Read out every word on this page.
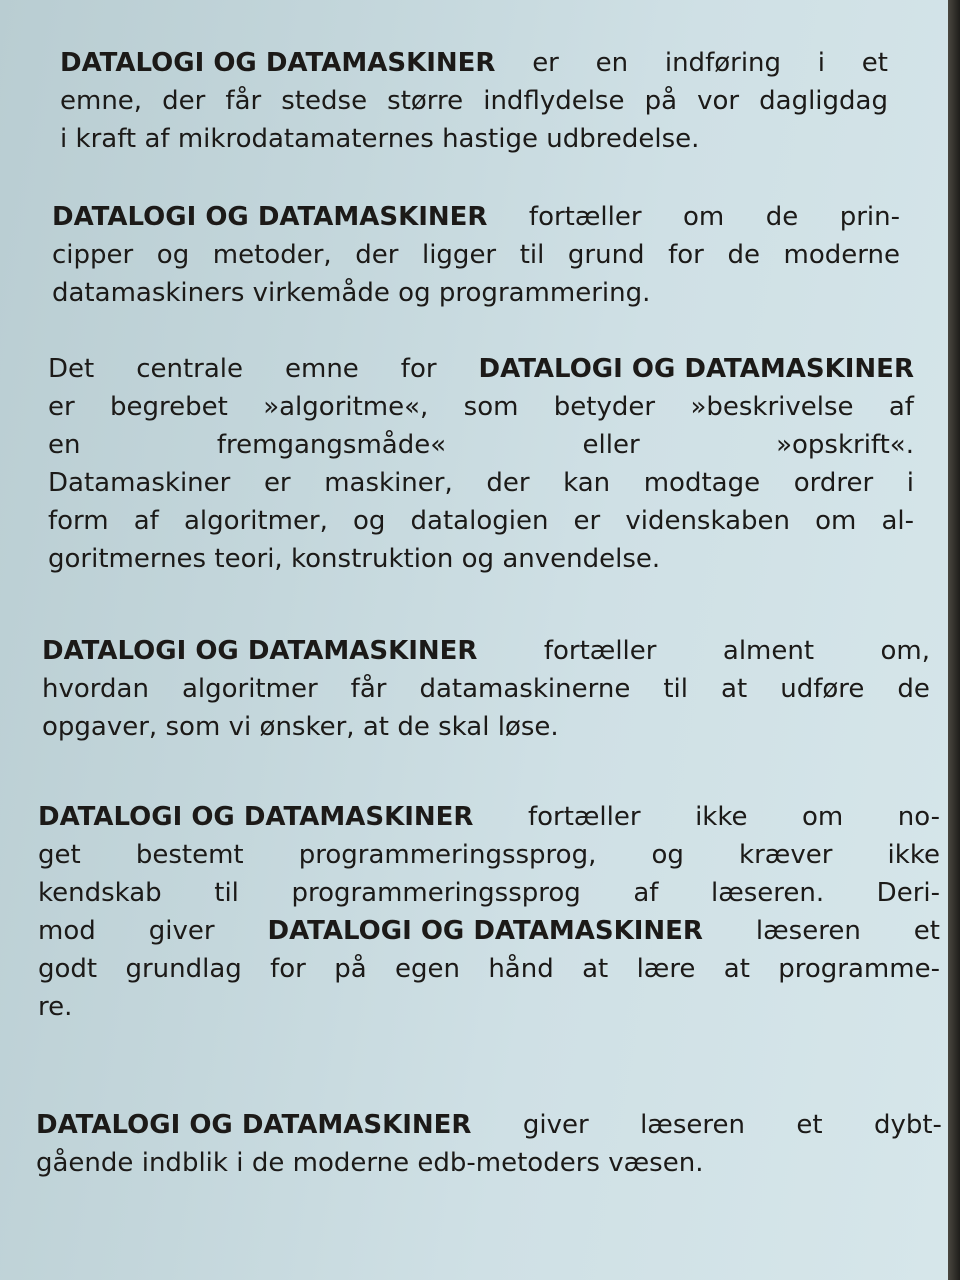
DATALOGI OG DATAMASKINER er en indføring i et
emne, der får stedse større indflydelse på vor dagligdag
i kraft af mikrodatamaternes hastige udbredelse.
DATALOGI OG DATAMASKINER fortæller om de prin-
cipper og metoder, der ligger til grund for de moderne
datamaskiners virkemåde og programmering.
Det centrale emne for DATALOGI OG DATAMASKINER
er begrebet »algoritme«, som betyder »beskrivelse af
en	fremgangsmåde«	eller	»opskrift«.
Datamaskiner er maskiner, der kan modtage ordrer i
form af algoritmer, og datalogien er videnskaben om al-
goritmernes teori, konstruktion og anvendelse.
DATALOGI OG DATAMASKINER	fortæller	alment	om,
hvordan algoritmer får datamaskinerne til at udføre de
opgaver, som vi ønsker, at de skal løse.
DATALOGI OG DATAMASKINER fortæller ikke om no-
get bestemt programmeringssprog, og kræver ikke
kendskab til programmeringssprog af læseren. Deri-
mod giver DATALOGI OG DATAMASKINER læseren et
godt grundlag for på egen hånd at lære at programme-
re.
DATALOGI OG DATAMASKINER giver læseren et dybt-
gående indblik i de moderne edb-metoders væsen.
